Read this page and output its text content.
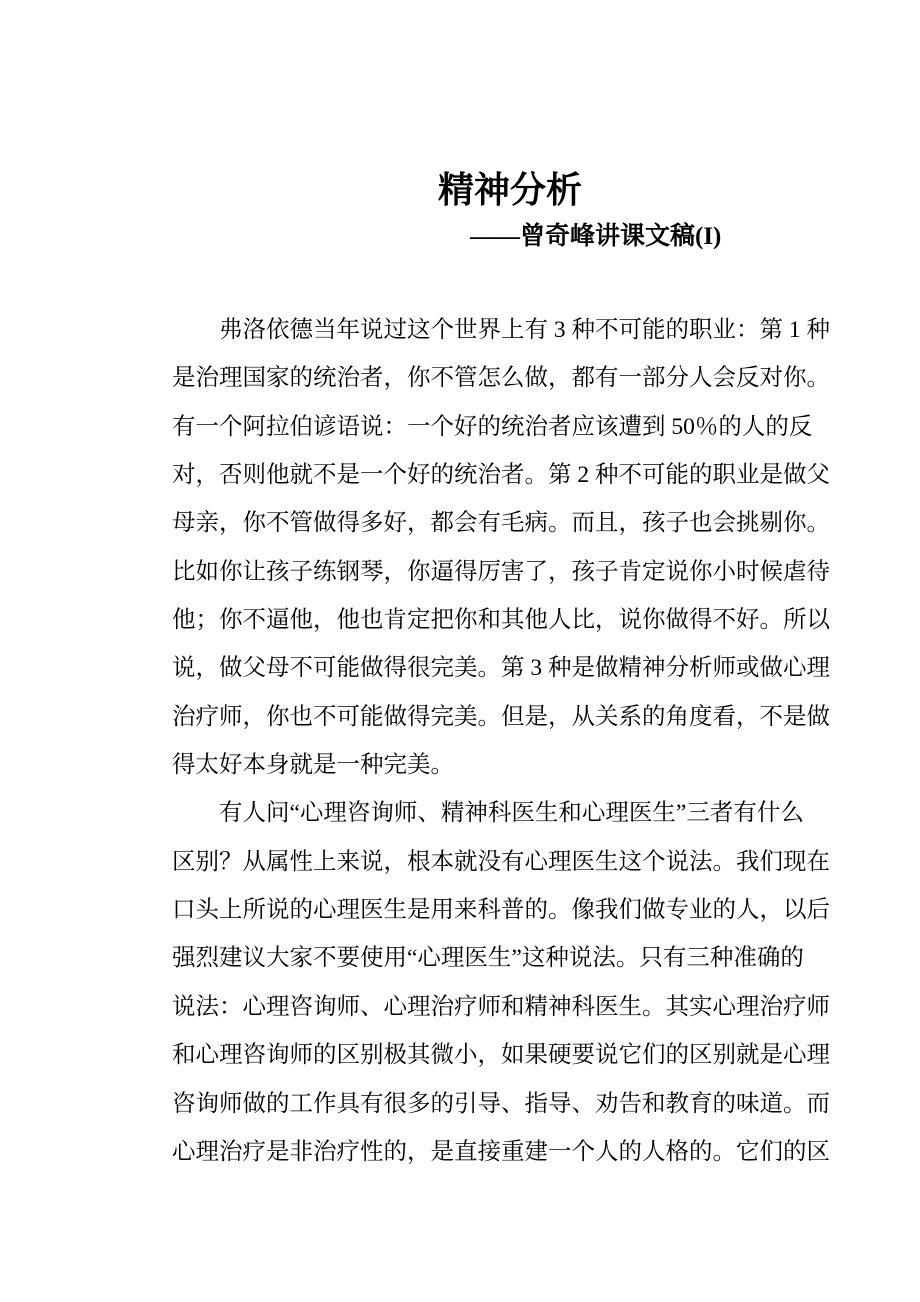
精神分析
——曾奇峰讲课文稿(I)
弗洛依德当年说过这个世界上有 3 种不可能的职业：第 1 种
是治理国家的统治者，你不管怎么做，都有一部分人会反对你。
有一个阿拉伯谚语说：一个好的统治者应该遭到 50％的人的反
对，否则他就不是一个好的统治者。第 2 种不可能的职业是做父
母亲，你不管做得多好，都会有毛病。而且，孩子也会挑剔你。
比如你让孩子练钢琴，你逼得厉害了，孩子肯定说你小时候虐待
他；你不逼他，他也肯定把你和其他人比，说你做得不好。所以
说，做父母不可能做得很完美。第 3 种是做精神分析师或做心理
治疗师，你也不可能做得完美。但是，从关系的角度看，不是做
得太好本身就是一种完美。
有人问“心理咨询师、精神科医生和心理医生”三者有什么
区别？从属性上来说，根本就没有心理医生这个说法。我们现在
口头上所说的心理医生是用来科普的。像我们做专业的人，以后
强烈建议大家不要使用“心理医生”这种说法。只有三种准确的
说法：心理咨询师、心理治疗师和精神科医生。其实心理治疗师
和心理咨询师的区别极其微小，如果硬要说它们的区别就是心理
咨询师做的工作具有很多的引导、指导、劝告和教育的味道。而
心理治疗是非治疗性的，是直接重建一个人的人格的。它们的区
